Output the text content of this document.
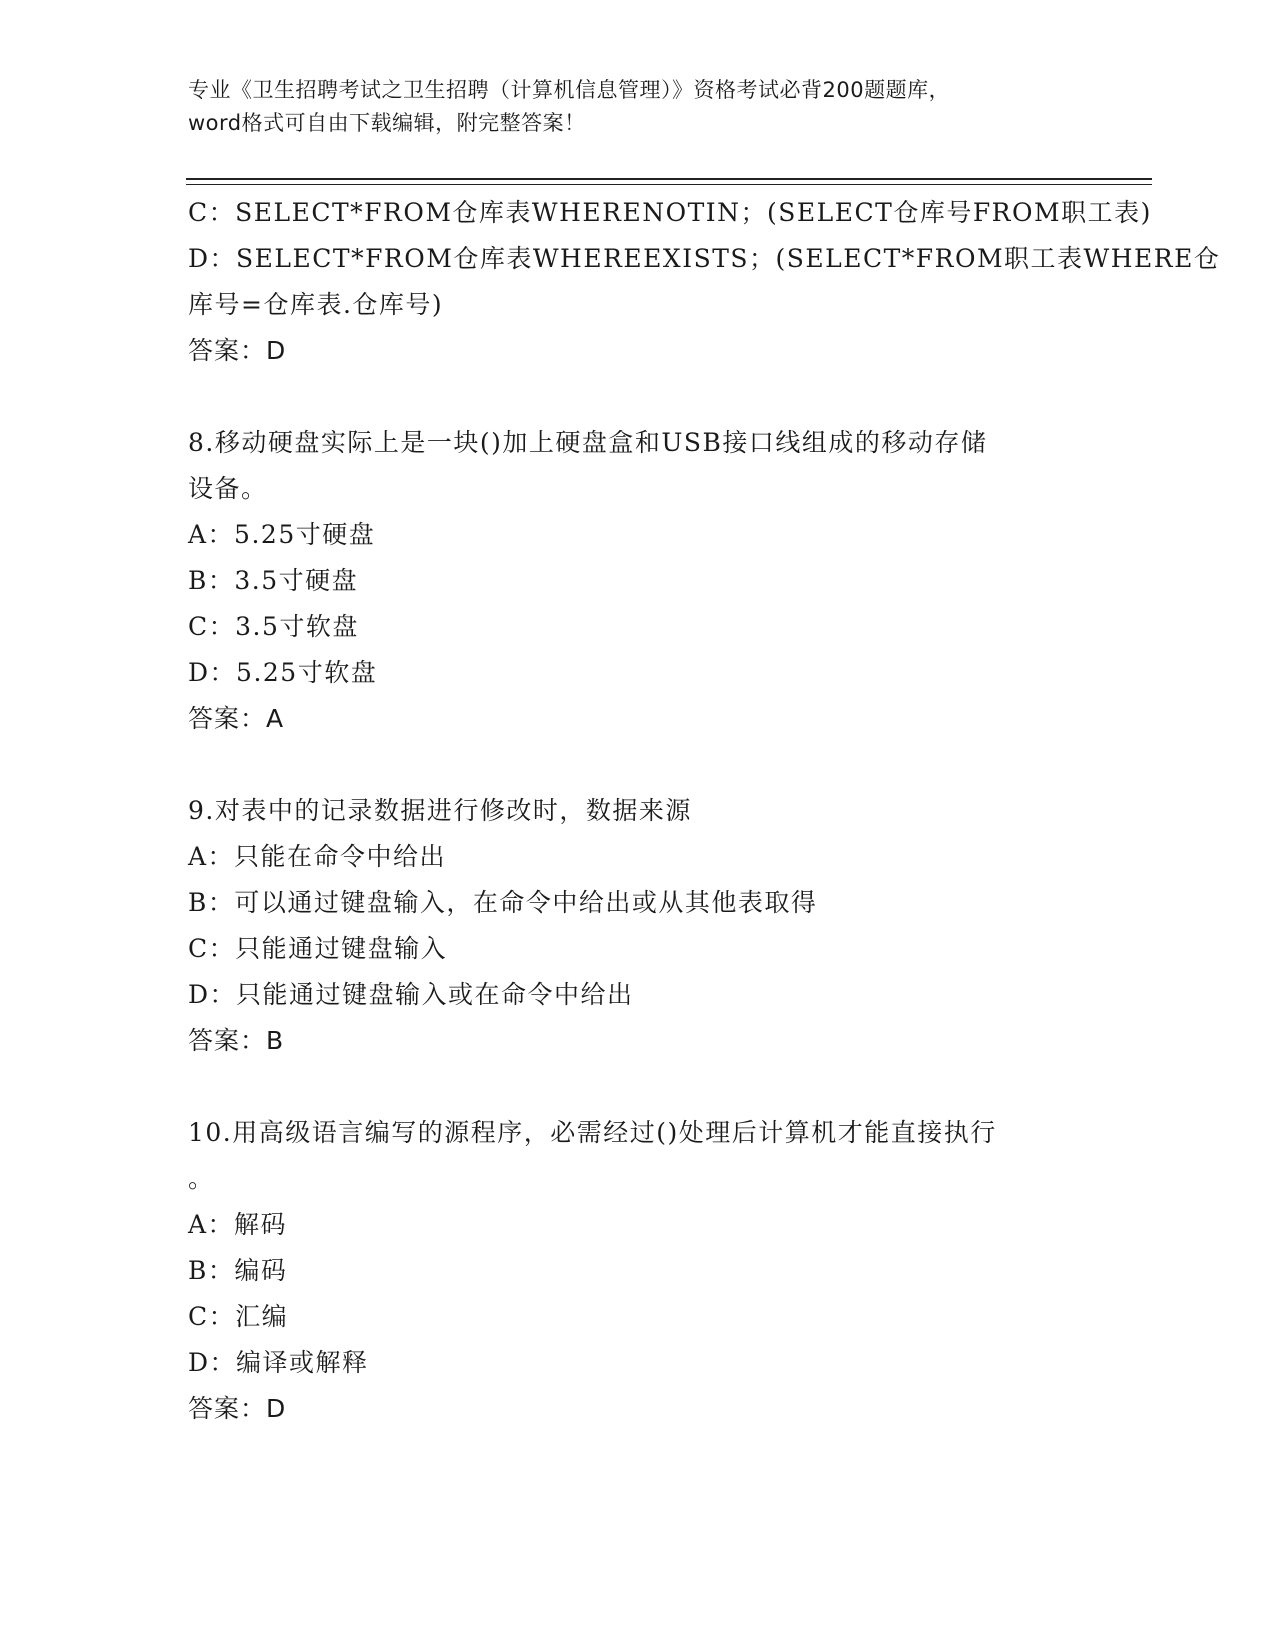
专业《卫生招聘考试之卫生招聘（计算机信息管理）》资格考试必背200题题库，
word格式可自由下载编辑，附完整答案！
C：SELECT*FROM仓库表WHERENOTIN；(SELECT仓库号FROM职工表)
D：SELECT*FROM仓库表WHEREEXISTS；(SELECT*FROM职工表WHERE仓
库号=仓库表.仓库号)
答案：D
8.移动硬盘实际上是一块()加上硬盘盒和USB接口线组成的移动存储
设备。
A：5.25寸硬盘
B：3.5寸硬盘
C：3.5寸软盘
D：5.25寸软盘
答案：A
9.对表中的记录数据进行修改时，数据来源
A：只能在命令中给出
B：可以通过键盘输入，在命令中给出或从其他表取得
C：只能通过键盘输入
D：只能通过键盘输入或在命令中给出
答案：B
10.用高级语言编写的源程序，必需经过()处理后计算机才能直接执行
。
A：解码
B：编码
C：汇编
D：编译或解释
答案：D
